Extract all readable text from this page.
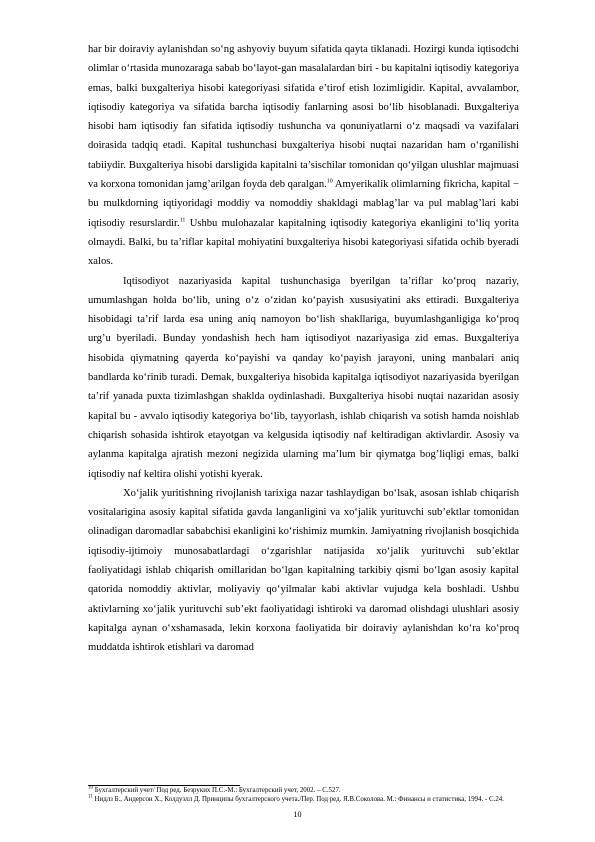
har bir doiraviy aylanishdan so‘ng ashyoviy buyum sifatida qayta tiklanadi. Hozirgi kunda iqtisodchi olimlar o‘rtasida munozaraga sabab bo‘layot-gan masalalardan biri - bu kapitalni iqtisodiy kategoriya emas, balki buxgalteriya hisobi kategoriyasi sifatida e’tirof etish lozimligidir. Kapital, avvalambor, iqtisodiy kategoriya va sifatida barcha iqtisodiy fanlarning asosi bo‘lib hisoblanadi. Buxgalteriya hisobi ham iqtisodiy fan sifatida iqtisodiy tushuncha va qonuniyatlarni o‘z maqsadi va vazifalari doirasida tadqiq etadi. Kapital tushunchasi buxgalteriya hisobi nuqtai nazaridan ham o‘rganilishi tabiiydir. Buxgalteriya hisobi darsligida kapitalni ta’sischilar tomonidan qo‘yilgan ulushlar majmuasi va korxona tomonidan jamg’arilgan foyda deb qaralgan.$^{10}$ Amyerikalik olimlarning fikricha, kapital − bu mulkdorning iqtiyoridagi moddiy va nomoddiy shakldagi mablag’lar va pul mablag’lari kabi iqtisodiy resurslardir.$^{11}$ Ushbu mulohazalar kapitalning iqtisodiy kategoriya ekanligini to‘liq yorita olmaydi. Balki, bu ta’riflar kapital mohiyatini buxgalteriya hisobi kategoriyasi sifatida ochib byeradi xalos.

Iqtisodiyot nazariyasida kapital tushunchasiga byerilgan ta’riflar ko‘proq nazariy, umumlashgan holda bo‘lib, uning o‘z o‘zidan ko‘payish xususiyatini aks ettiradi. Buxgalteriya hisobidagi ta’rif larda esa uning aniq namoyon bo‘lish shakllariga, buyumlashganligiga ko‘proq urg’u byeriladi. Bunday yondashish hech ham iqtisodiyot nazariyasiga zid emas. Buxgalteriya hisobida qiymatning qayerda ko‘payishi va qanday ko‘payish jarayoni, uning manbalari aniq bandlarda ko‘rinib turadi. Demak, buxgalteriya hisobida kapitalga iqtisodiyot nazariyasida byerilgan ta’rif yanada puxta tizimlashgan shaklda oydinlashadi. Buxgalteriya hisobi nuqtai nazaridan asosiy kapital bu - avvalo iqtisodiy kategoriya bo‘lib, tayyorlash, ishlab chiqarish va sotish hamda noishlab chiqarish sohasida ishtirok etayotgan va kelgusida iqtisodiy naf keltiradigan aktivlardir. Asosiy va aylanma kapitalga ajratish mezoni negizida ularning ma’lum bir qiymatga bog’liqligi emas, balki iqtisodiy naf keltira olishi yotishi kyerak.

Xo‘jalik yuritishning rivojlanish tarixiga nazar tashlaydigan bo‘lsak, asosan ishlab chiqarish vositalarigina asosiy kapital sifatida gavda langanligini va xo‘jalik yurituvchi sub’ektlar tomonidan olinadigan daromadlar sababchisi ekanligini ko‘rishimiz mumkin. Jamiyatning rivojlanish bosqichida iqtisodiy-ijtimoiy munosabatlardagi o‘zgarishlar natijasida xo‘jalik yurituvchi sub’ektlar faoliyatidagi ishlab chiqarish omillaridan bo‘lgan kapitalning tarkibiy qismi bo‘lgan asosiy kapital qatorida nomoddiy aktivlar, moliyaviy qo‘yilmalar kabi aktivlar vujudga kela boshladi. Ushbu aktivlarning xo‘jalik yurituvchi sub’ekt faoliyatidagi ishtiroki va daromad olishdagi ulushlari asosiy kapitalga aynan o‘xshamasada, lekin korxona faoliyatida bir doiraviy aylanishdan ko‘ra ko‘proq muddatda ishtirok etishlari va daromad

$^{10}$ Бухгалтерский учет/ Под ред. Безруких П.С.-М.: Бухгалтерский учет, 2002. – С.527.

$^{11}$ Нидлз Б., Андерсон Х., Колдуэлл Д. Принципы бухгалтерского учета./Пер. Под ред. Я.В.Соколова. М.: Финансы и статистика, 1994. - С.24.

10
